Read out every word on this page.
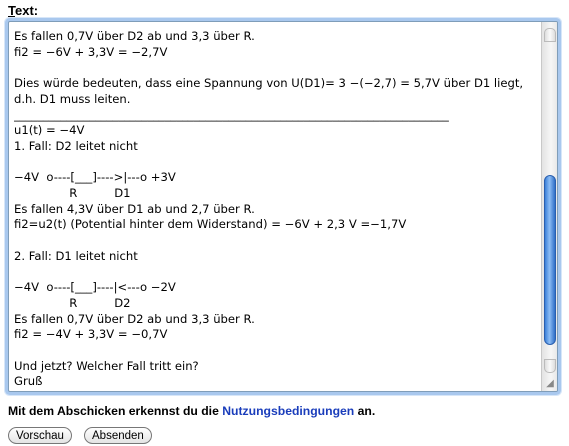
Text:
Es fallen 0,7V über D2 ab und 3,3 über R.
fi2 = −6V + 3,3V = −2,7V

Dies würde bedeuten, dass eine Spannung von U(D1)= 3 −(−2,7) = 5,7V über D1 liegt,
d.h. D1 muss leiten.
___________________________________________________________________________
u1(t) = −4V
1. Fall: D2 leitet nicht

−4V  o----[___]---->|---o +3V
R          D1
Es fallen 4,3V über D1 ab und 2,7 über R.
fi2=u2(t) (Potential hinter dem Widerstand) = −6V + 2,3 V =−1,7V

2. Fall: D1 leitet nicht

−4V  o----[___]----|<---o −2V
R          D2
Es fallen 0,7V über D2 ab und 3,3 über R.
fi2 = −4V + 3,3V = −0,7V

Und jetzt? Welcher Fall tritt ein?
Gruß	◢
Mit dem Abschicken erkennst du die Nutzungsbedingungen an.
Vorschau	Absenden
